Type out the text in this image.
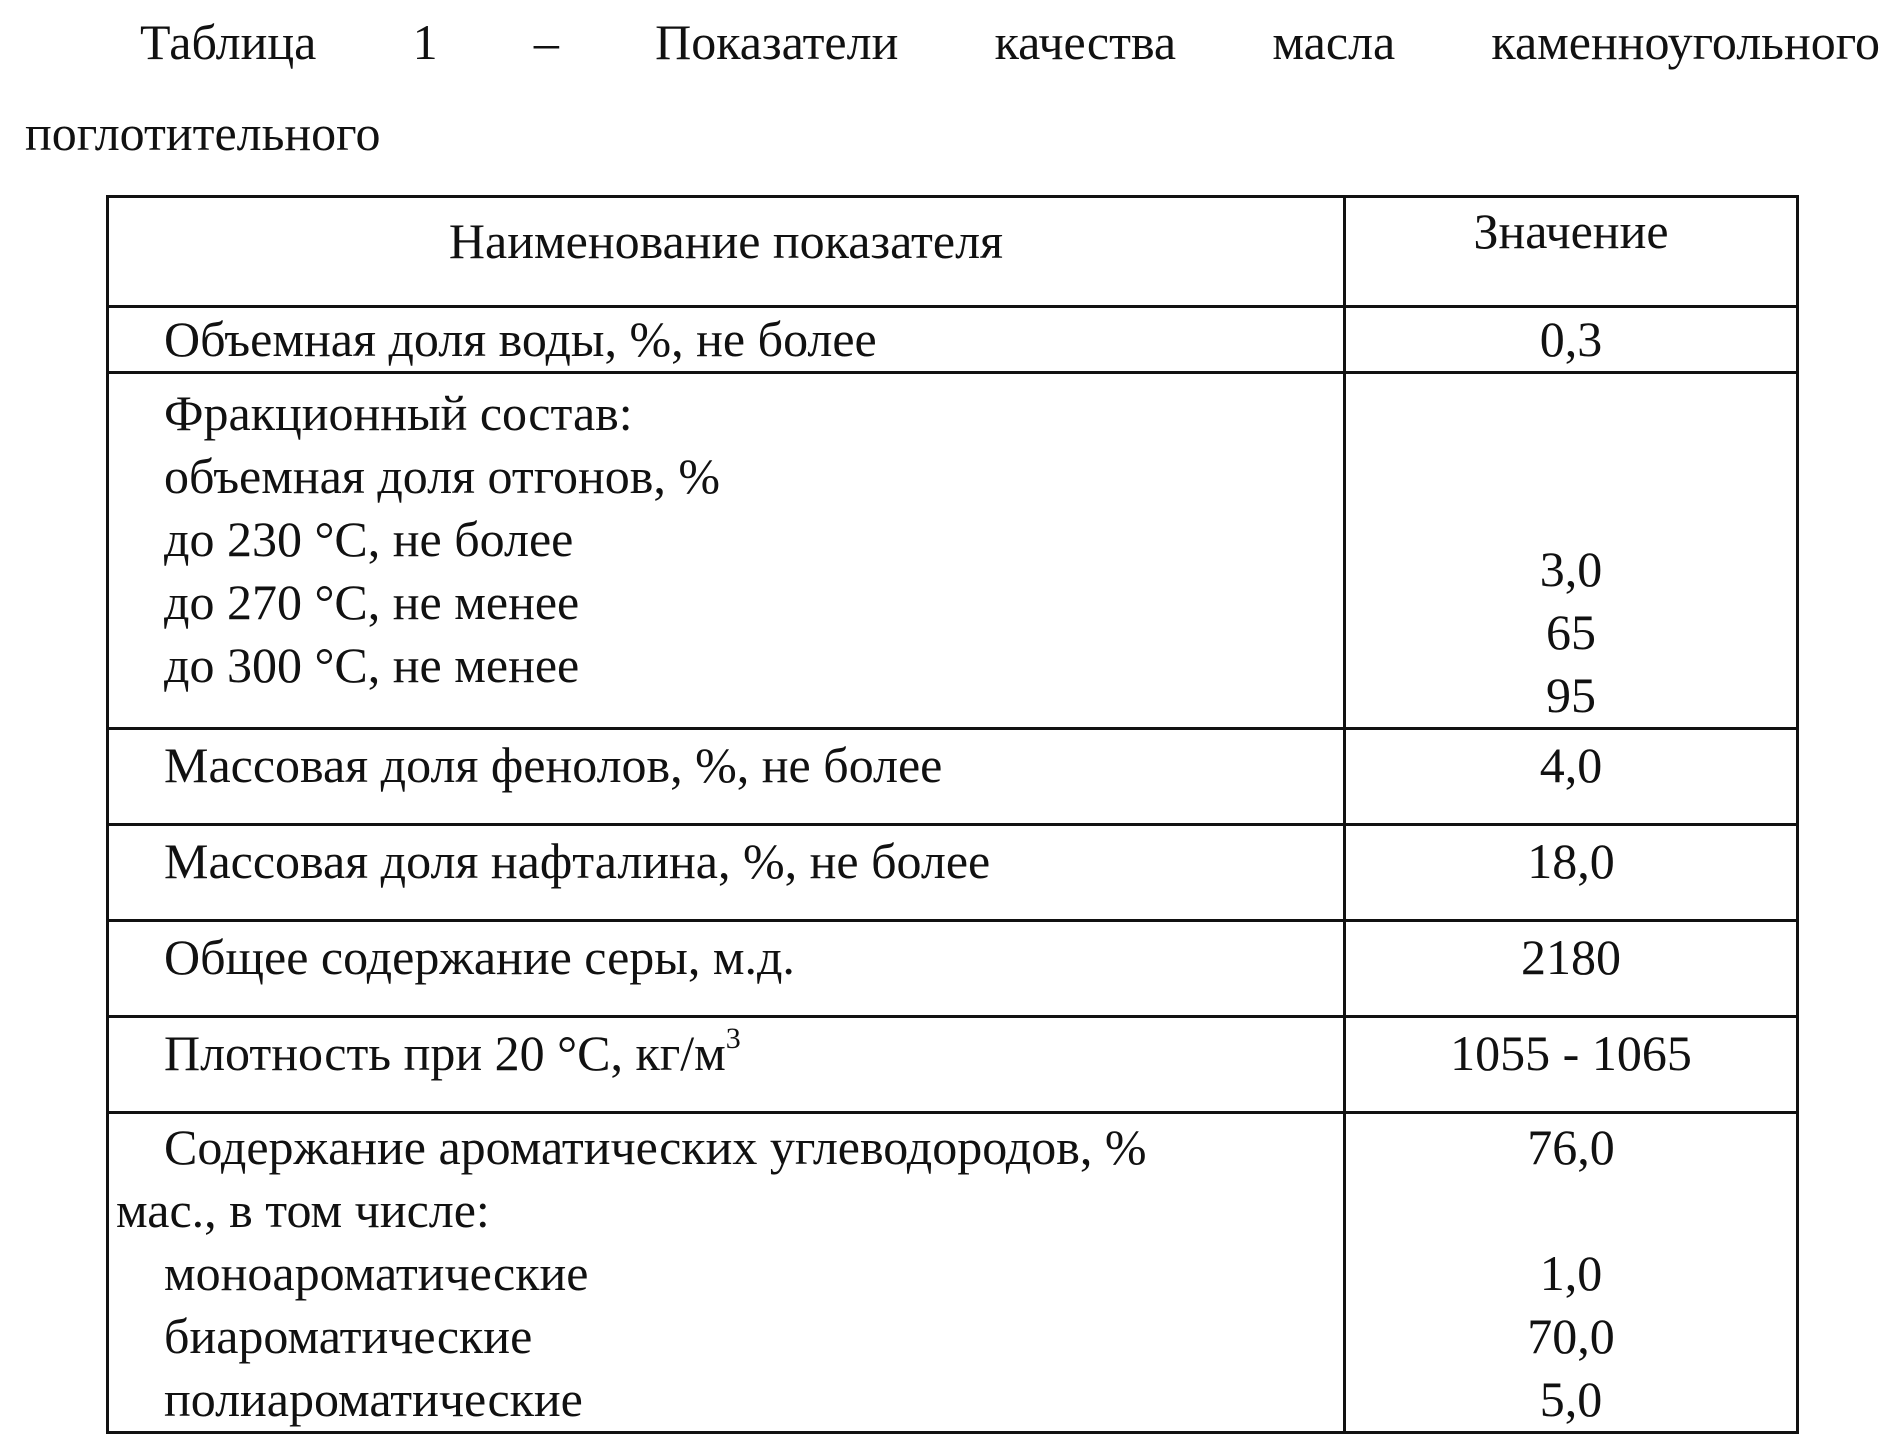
Таблица 1 – Показатели качества масла каменноугольного
поглотительного
Наименование показателя	Значение

Объемная доля воды, %, не более	0,3

Фракционный состав:
объемная доля отгонов, %
до 230 °С, не более
до 270 °С, не менее
до 300 °С, не менее

3,0
65
95

Массовая доля фенолов, %, не более	4,0

Массовая доля нафталина, %, не более	18,0

Общее содержание серы, м.д.	2180

Плотность при 20 °С, кг/м3	1055 - 1065

Содержание ароматических углеводородов, %
мас., в том числе:
моноароматические
биароматические
полиароматические

76,0
1,0
70,0
5,0
